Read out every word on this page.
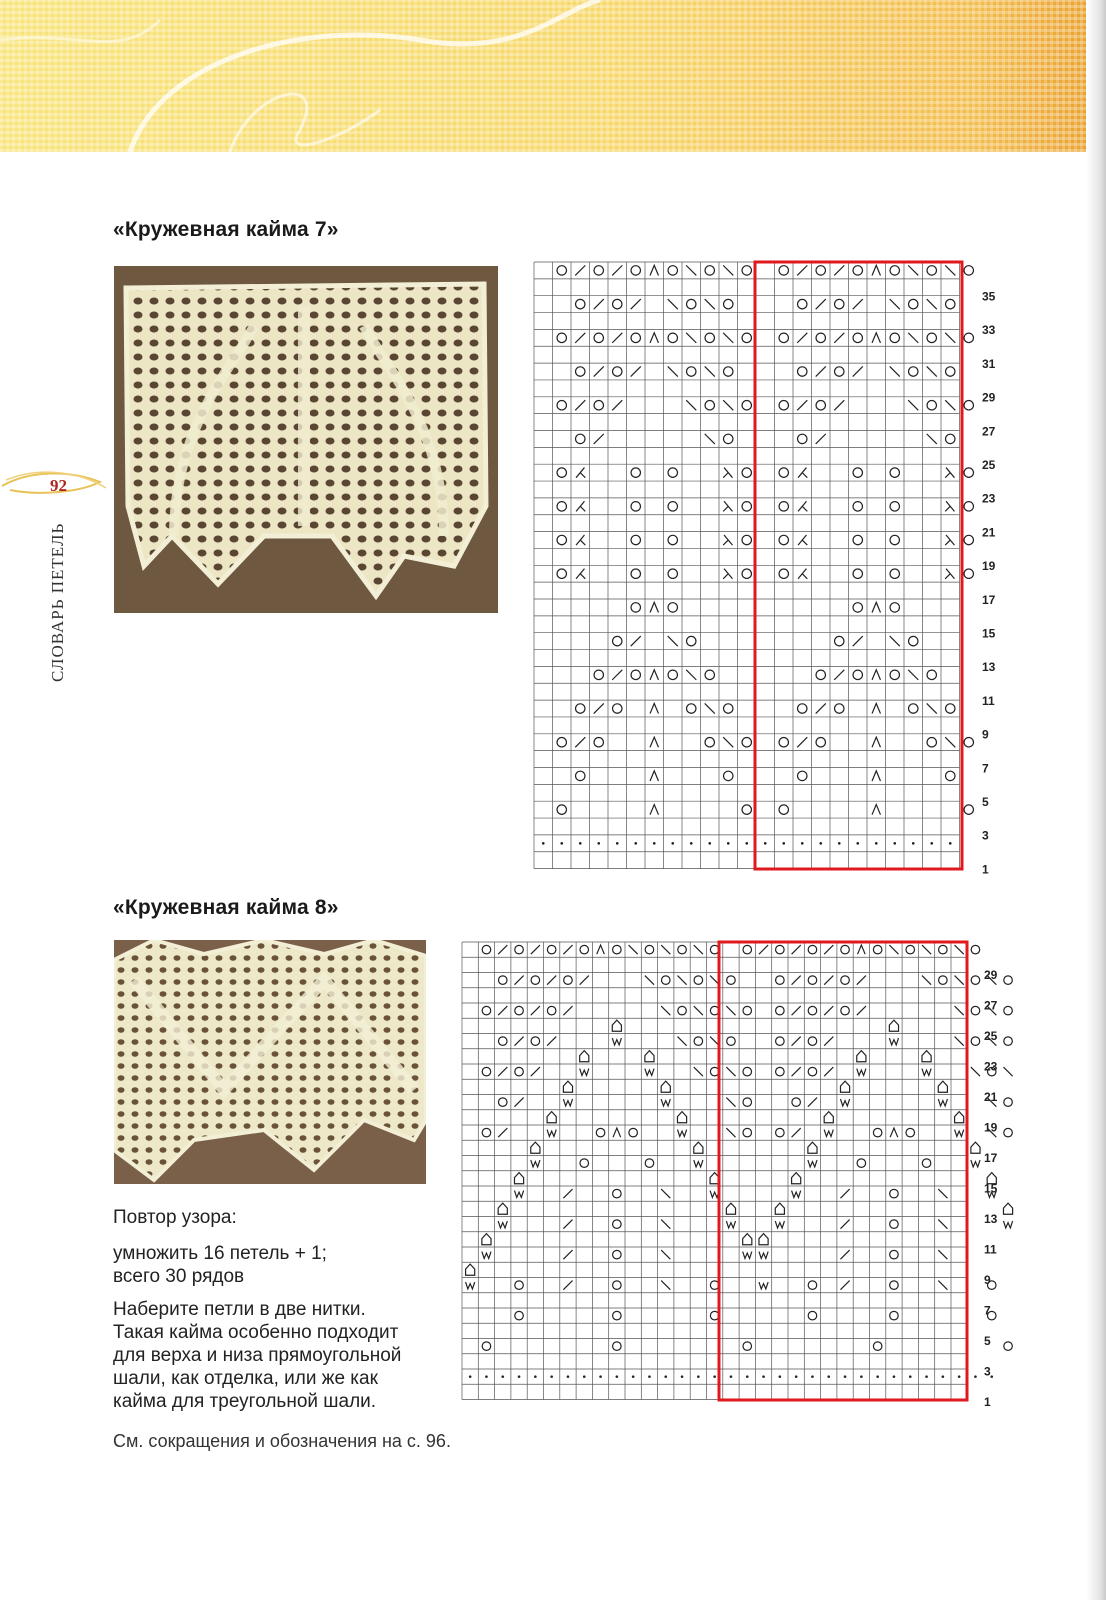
92
СЛОВАРЬ ПЕТЕЛЬ
«Кружевная кайма 7»
35
33
31
29
27
25
23
21
19
17
15
13
11
9
7
5
3
1
«Кружевная кайма 8»
Повтор узора:

умножить 16 петель + 1;

всего 30 рядов

Наберите петли в две нитки.

Такая кайма особенно подходит

для верха и низа прямоугольной

шали, как отделка, или же как

кайма для треугольной шали.

См. сокращения и обозначения на с. 96.
29
27
25
23
21
19
17
15
13
11
9
7
5
3
1
